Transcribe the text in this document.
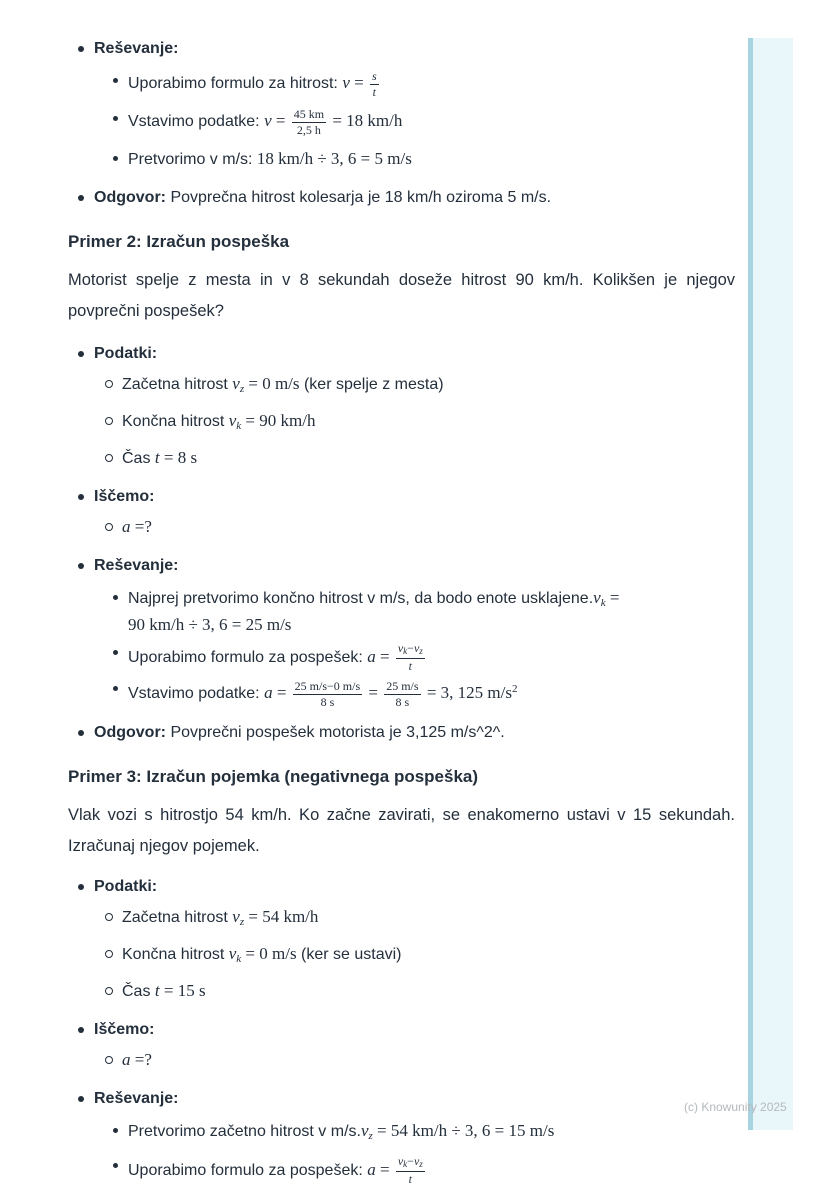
Reševanje:
Uporabimo formulo za hitrost: $v = \frac{s}{t}$
Vstavimo podatke: $v = \frac{45 km}{2,5 h} = 18$ km/h
Pretvorimo v m/s: 18 km/h ÷ 3, 6 = 5 m/s
Odgovor: Povprečna hitrost kolesarja je 18 km/h oziroma 5 m/s.
Primer 2: Izračun pospeška
Motorist spelje z mesta in v 8 sekundah doseže hitrost 90 km/h. Kolikšen je njegov povprečni pospešek?
Podatki:
Začetna hitrost vz = 0 m/s (ker spelje z mesta)
Končna hitrost vk = 90 km/h
Čas t = 8 s
Iščemo:
a =?
Reševanje:
Najprej pretvorimo končno hitrost v m/s, da bodo enote usklajene.vk =
90 km/h ÷ 3, 6 = 25 m/s
Uporabimo formulo za pospešek: $a = \frac{vk-vz}{t}$
Vstavimo podatke: $a = \frac{25 m/s-0 m/s}{8 s} = \frac{25 m/s}{8 s} = 3$, 125 $m/s^2$
Odgovor: Povprečni pospešek motorista je 3,125 m/s^2^.
Primer 3: Izračun pojemka (negativnega pospeška)
Vlak vozi s hitrostjo 54 km/h. Ko začne zavirati, se enakomerno ustavi v 15 sekundah. Izračunaj njegov pojemek.
Podatki:
Začetna hitrost vz = 54 km/h
Končna hitrost vk = 0 m/s (ker se ustavi)
Čas t = 15 s
Iščemo:
a =?
Reševanje:
Pretvorimo začetno hitrost v m/s.vz = 54 km/h ÷ 3, 6 = 15 m/s
Uporabimo formulo za pospešek: $a = \frac{vk-vz}{t}$
(c) Knowunity 2025
